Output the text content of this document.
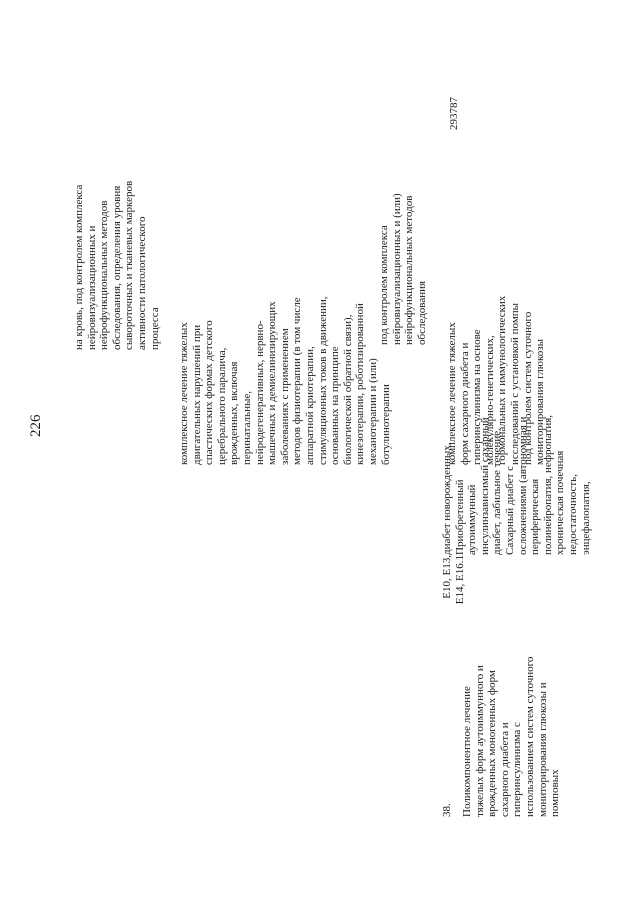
226
38. Поликомпонентное лечение тяжелых форм аутоиммунного и врожденных моногенных форм сахарного диабета и гиперинсулинизма с использованием систем суточного мониторирования глюкозы и помповых
E10, E13, E14, E16.1
диабет новорожденных. Приобретенный аутоиммунный инсулинзависимый сахарный диабет, лабильное течение. Сахарный диабет с осложнениями (автономная и периферическая полинейропатия, нефропатия, хроническая почечная недостаточность, энцефалопатия,
на кровь, под контролем комплекса нейровизуализационных и нейрофункциональных методов обследования, определения уровня сывороточных и тканевых маркеров активности патологического процесса комплексное лечение тяжелых двигательных нарушений при спастических формах детского церебрального паралича, врожденных, включая перинатальные, нейродегенеративных, нервно-мышечных и демиелинизирующих заболеваниях с применением методов физиотерапии (в том числе аппаратной криотерапии, стимуляционных токов в движении, основанных на принципе биологической обратной связи), кинезотерапии, роботизированной механотерапии и (или) ботулинотерапии
под контролем комплекса нейровизуализационных и (или) нейрофункциональных методов обследования
комплексное лечение тяжелых форм сахарного диабета и гиперинсулинизма на основе молекулярно-генетических, гормональных и иммунологических исследований с установкой помпы под контролем систем суточного мониторирования глюкозы
293787
